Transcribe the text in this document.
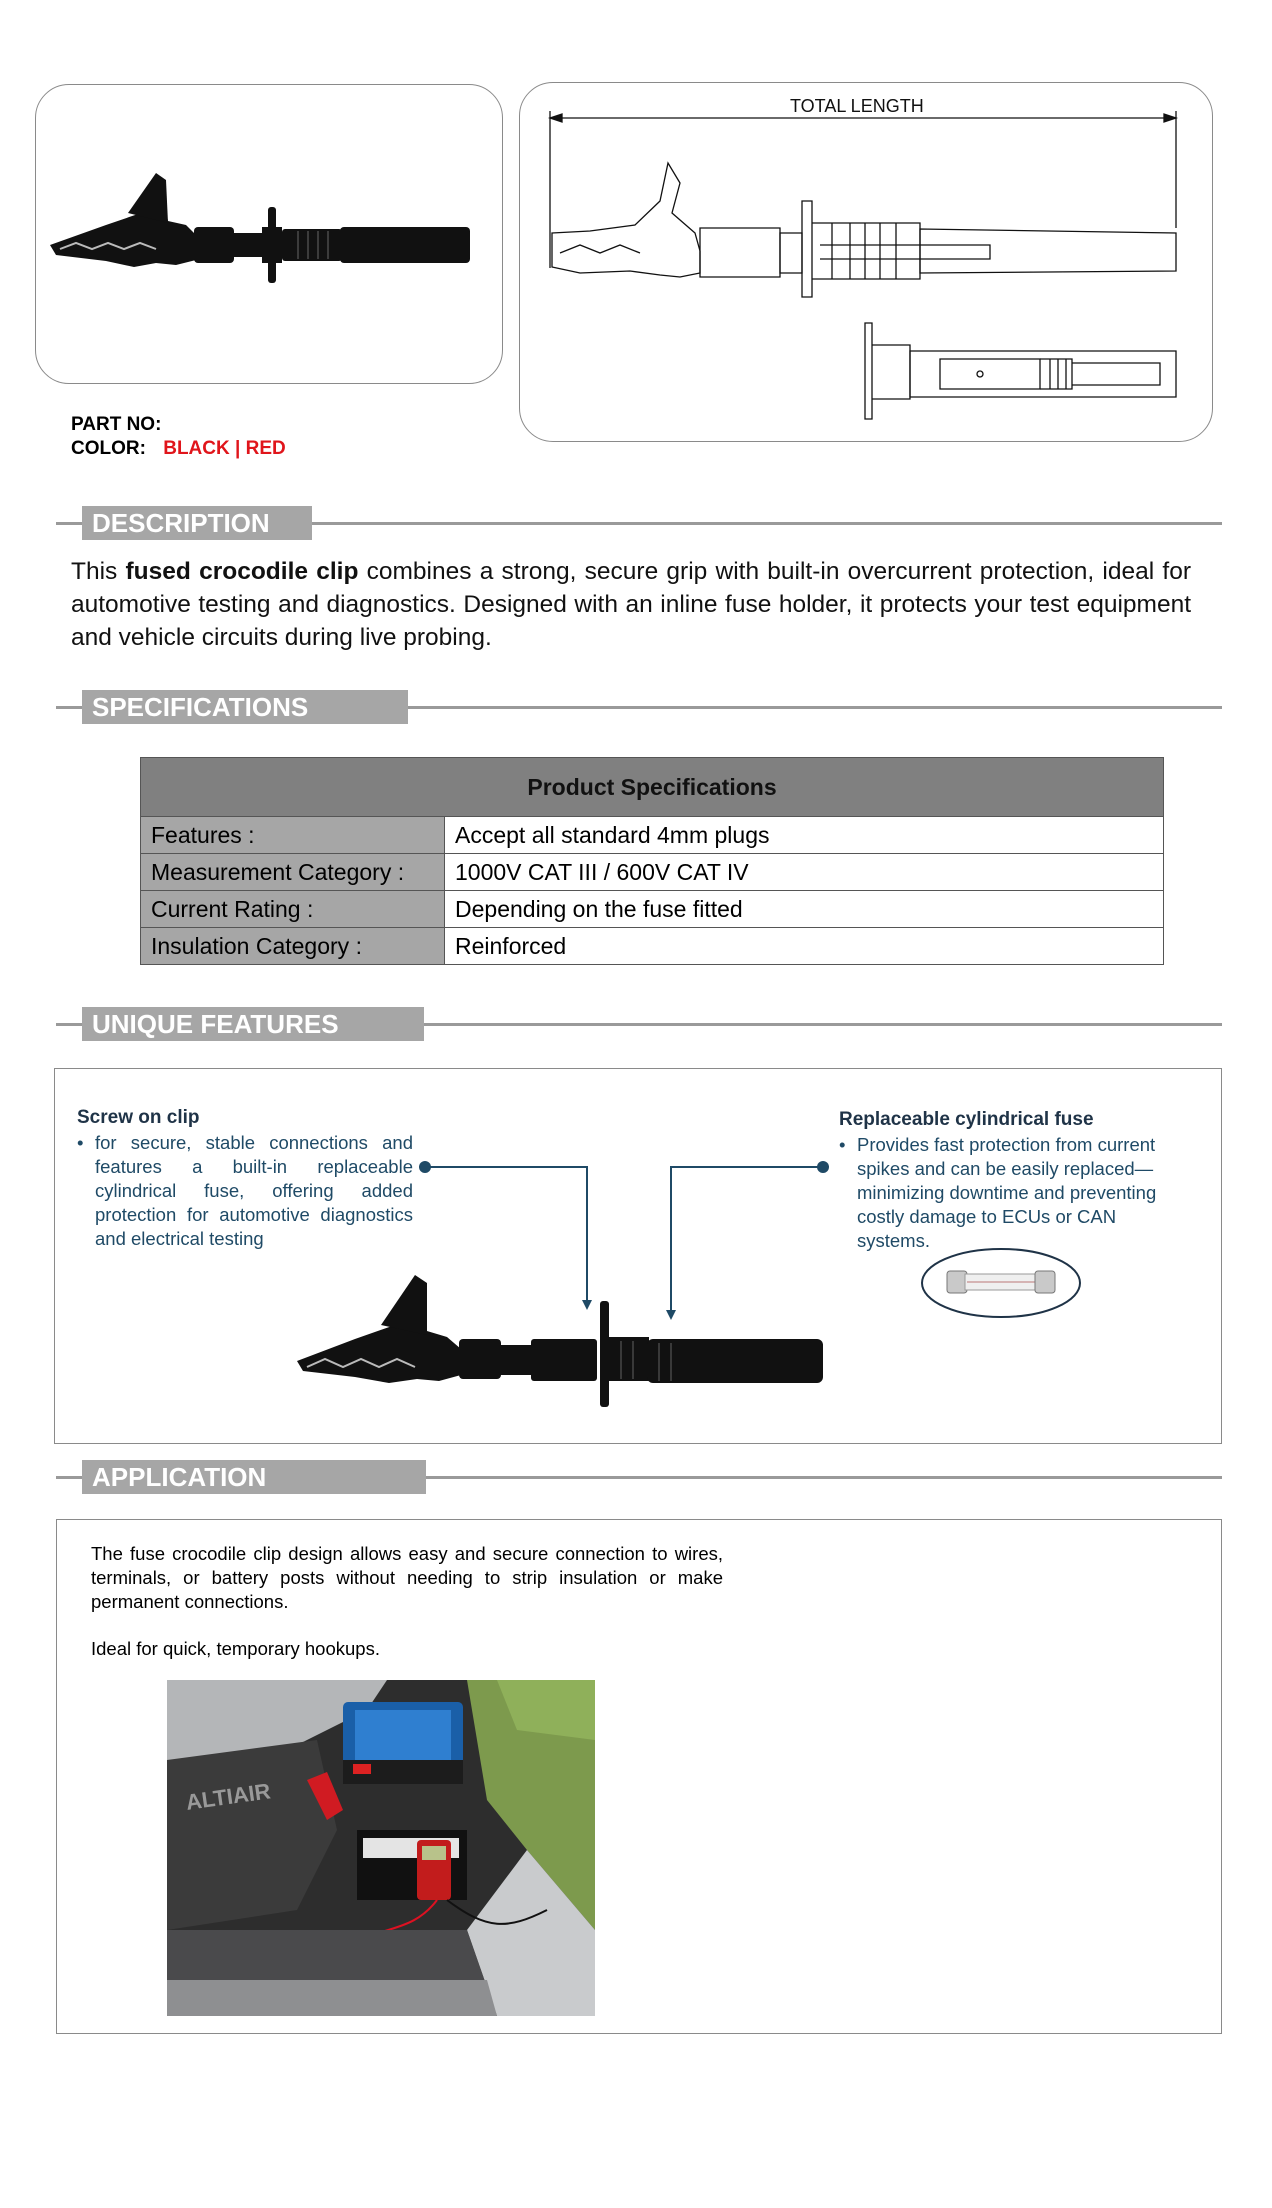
TOTAL LENGTH
PART NO:
COLOR: BLACK | RED
DESCRIPTION
This fused crocodile clip combines a strong, secure grip with built-in overcurrent protection, ideal for automotive testing and diagnostics. Designed with an inline fuse holder, it protects your test equipment and vehicle circuits during live probing.
SPECIFICATIONS
Product Specifications	
Features :	Accept all standard 4mm plugs
Measurement Category :	1000V CAT III / 600V CAT IV
Current Rating :	Depending on the fuse fitted
Insulation Category :	Reinforced
UNIQUE FEATURES
Screw on clip
• for secure, stable connections and features a built-in replaceable cylindrical fuse, offering added protection for automotive diagnostics and electrical testing
Replaceable cylindrical fuse
• Provides fast protection from current spikes and can be easily replaced—minimizing downtime and preventing costly damage to ECUs or CAN systems.
APPLICATION
The fuse crocodile clip design allows easy and secure connection to wires, terminals, or battery posts without needing to strip insulation or make permanent connections.
Ideal for quick, temporary hookups.
ALTIAIR
